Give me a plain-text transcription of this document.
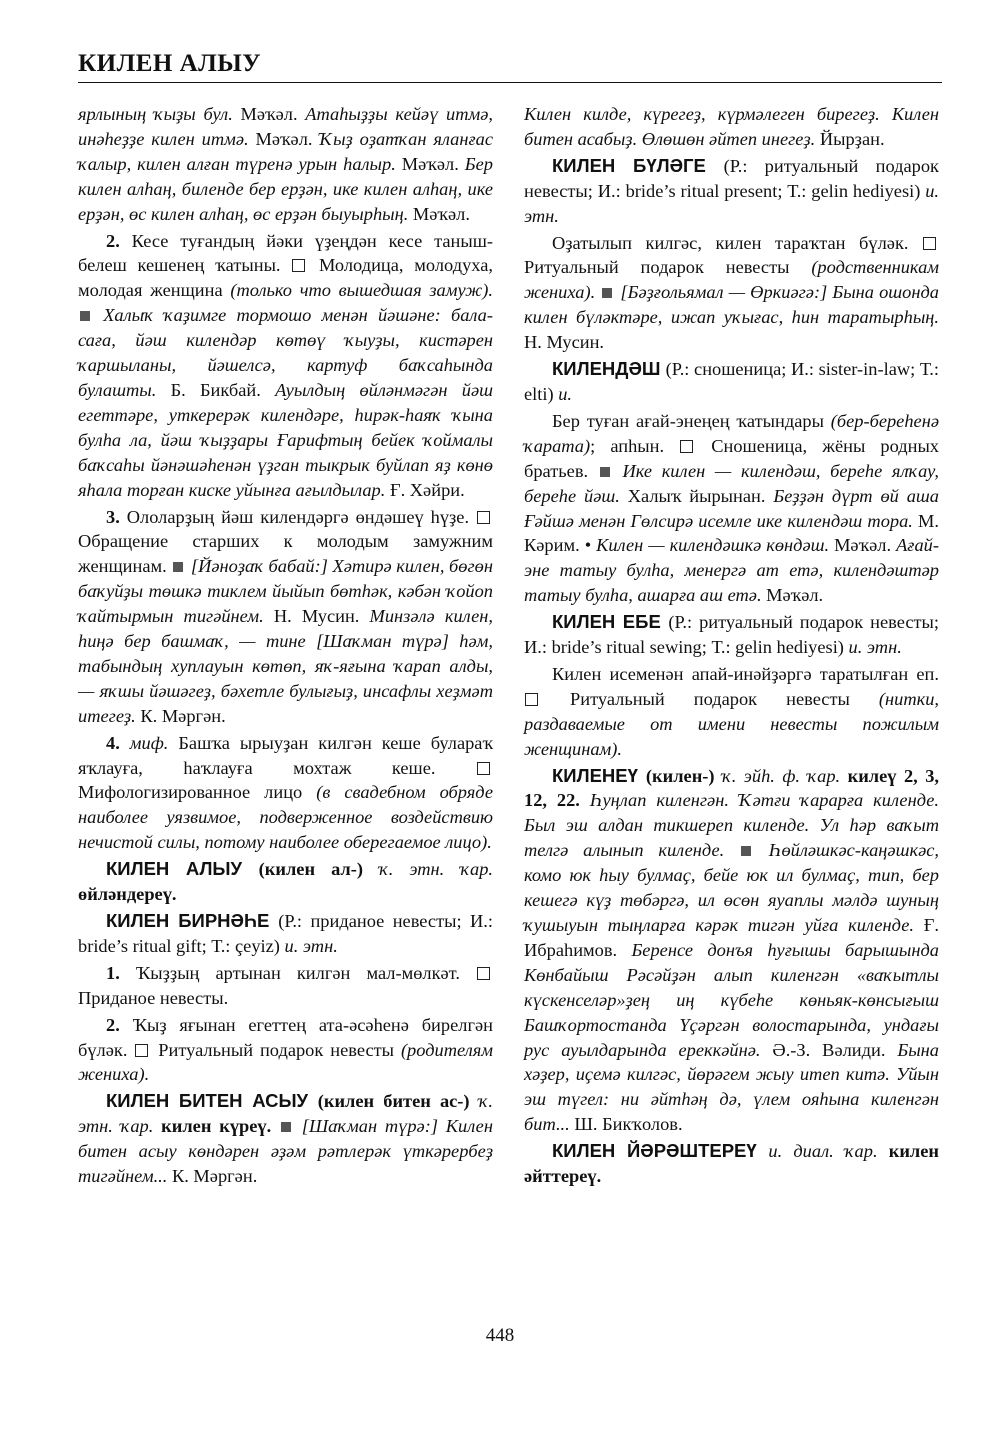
КИЛЕН АЛЫУ

ярлының ҡыҙы бул. Мәҡәл. Атаһыҙҙы кейәү итмә, инәһеҙҙе килен итмә. Мәҡәл. Ҡыҙ оҙатҡан яланғас ҡалыр, килен алған түренә урын һалыр. Мәҡәл. Бер килен алһаң, биленде бер ерҙән, ике килен алһаң, ике ерҙән, өс килен алһаң, өс ерҙән быуырһың. Мәҡәл.

2. Кесе туғандың йәки үҙеңдән кесе таныш-белеш кешенең ҡатыны.  Молодица, молодуха, молодая женщина (только что вышедшая замуж).  Халыҡ ҡаҙимге тормошо менән йәшәне: бала-саға, йәш килендәр көтөү ҡыуҙы, кистәрен ҡаршыланы, йәшелсә, картуф баҡсаһында булашты. Б. Бикбай. Ауылдың өйләнмәгән йәш егеттәре, уткерерәк килендәре, һирәк-һаяҡ ҡына булһа ла, йәш ҡыҙҙары Ғарифтың бейек ҡоймалы баҡсаһы йәнәшәһенән үҙган тыкрык буйлап яҙ көнө яһала торған киске уйынға ағылдылар. Ғ. Хәйри.

3. Ололарҙың йәш килендәргә өндәшеү һүҙе.  Обращение старших к молодым замужним женщинам.  [Йәноҙаҡ бабай:] Хәтирә килен, бөгөн баҡуйҙы төшкә тиклем йыйып бөтһәк, кәбән ҡойоп ҡайтырмын тигәйнем. Н. Мусин. Минзәлә килен, һиңә бер башмаҡ, — тине [Шаҡман түрә] һәм, табындың хуплауын көтөп, яҡ-яғына ҡарап алды, — яҡшы йәшәгеҙ, бәхетле булығыҙ, инсафлы хеҙмәт итегеҙ. К. Мәргән.

4. миф. Башҡа ырыуҙан килгән кеше булараҡ яҡлауға, һаҡлауға мохтаж кеше.  Мифологизированное лицо (в свадебном обряде наиболее уязвимое, подверженное воздействию нечистой силы, потому наиболее оберегаемое лицо).

КИЛЕН АЛЫУ (килен ал-) ҡ. этн. ҡар. өйләндереү.

КИЛЕН БИРНӘҺЕ (Р.: приданое невесты; И.: bride’s ritual gift; Т.: çeyiz) и. этн.

1. Ҡыҙҙың артынан килгән мал-мөлкәт.  Приданое невесты.

2. Ҡыҙ яғынан егеттең ата-әсәһенә бирелгән бүләк.  Ритуальный подарок невесты (родителям жениха).

КИЛЕН БИТЕН АСЫУ (килен битен ас-) ҡ. этн. ҡар. килен күреү.  [Шаҡман түрә:] Килен битен асыу көндәрен әҙәм рәтлерәк үткәрербеҙ тигәйнем... К. Мәргән.

Килен килде, күрегеҙ, күрмәлеген бирегеҙ. Килен битен асабыҙ. Өлөшөн әйтеп инегеҙ. Йырҙан.

КИЛЕН БҮЛӘГЕ (Р.: ритуальный подарок невесты; И.: bride’s ritual present; Т.: gelin hediyesi) и. этн.

Оҙатылып килгәс, килен тараҡтан бүләк.  Ритуальный подарок невесты (родственникам жениха).  [Бәҙғольямал — Өркиәгә:] Бына ошонда килен бүләктәре, ижап уҡығас, һин таратырһың. Н. Мусин.

КИЛЕНДӘШ (Р.: сношеница; И.: sister-in-law; Т.: elti) и.

Бер туған ағай-энеңең ҡатындары (бер-береһенә ҡарата); апһын.  Сношеница, жёны родных братьев.  Ике килен — килендәш, береһе ялҡау, береһе йәш. Халыҡ йырынан. Беҙҙән дүрт өй аша Ғәйшә менән Гөлсирә исемле ике килендәш тора. М. Кәрим. • Килен — килендәшкә көндәш. Мәҡәл. Ағай-эне татыу булһа, менергә ат етә, килендәштәр татыу булһа, ашарға аш етә. Мәҡәл.

КИЛЕН ЕБЕ (Р.: ритуальный подарок невесты; И.: bride’s ritual sewing; Т.: gelin hediyesi) и. этн.

Килен исеменән апай-инәйҙәргә таратылған еп.  Ритуальный подарок невесты (нитки, раздаваемые от имени невесты пожилым женщинам).

КИЛЕНЕҮ (килен-) ҡ. эйһ. ф. ҡар. килеү 2, 3, 12, 22. Һуңлап киленгән. Ҡәтғи ҡарарға киленде. Был эш алдан тикшереп киленде. Ул һәр ваҡыт телгә алынып киленде.  Һөйләшкәс-каңәшкәс, комо юк һыу булмаҫ, бейе юк ил булмаҫ, тип, бер кешегә күҙ төбәргә, ил өсөн яуаплы мәлдә шуның ҡушыуын тыңларға кәрәк тигән уйға киленде. Ғ. Ибраһимов. Беренсе донъя һуғышы барышында Көнбайыш Рәсәйҙән алып киленгән «ваҡытлы күскенселәр»ҙең иң күбеһе көньяк-көнсығыш Башҡортостанда Үҫәргән волостарында, ундағы рус ауылдарында ереккәйнә. Ә.-З. Вәлиди. Бына хәҙер, иҫемә килгәс, йөрәгем жыу итеп китә. Уйын эш түгел: ни әйтһәң дә, үлем ояһына киленгән бит... Ш. Бикҡолов.

КИЛЕН ЙӘРӘШТЕРЕҮ и. диал. ҡар. килен әйттереү.

448
